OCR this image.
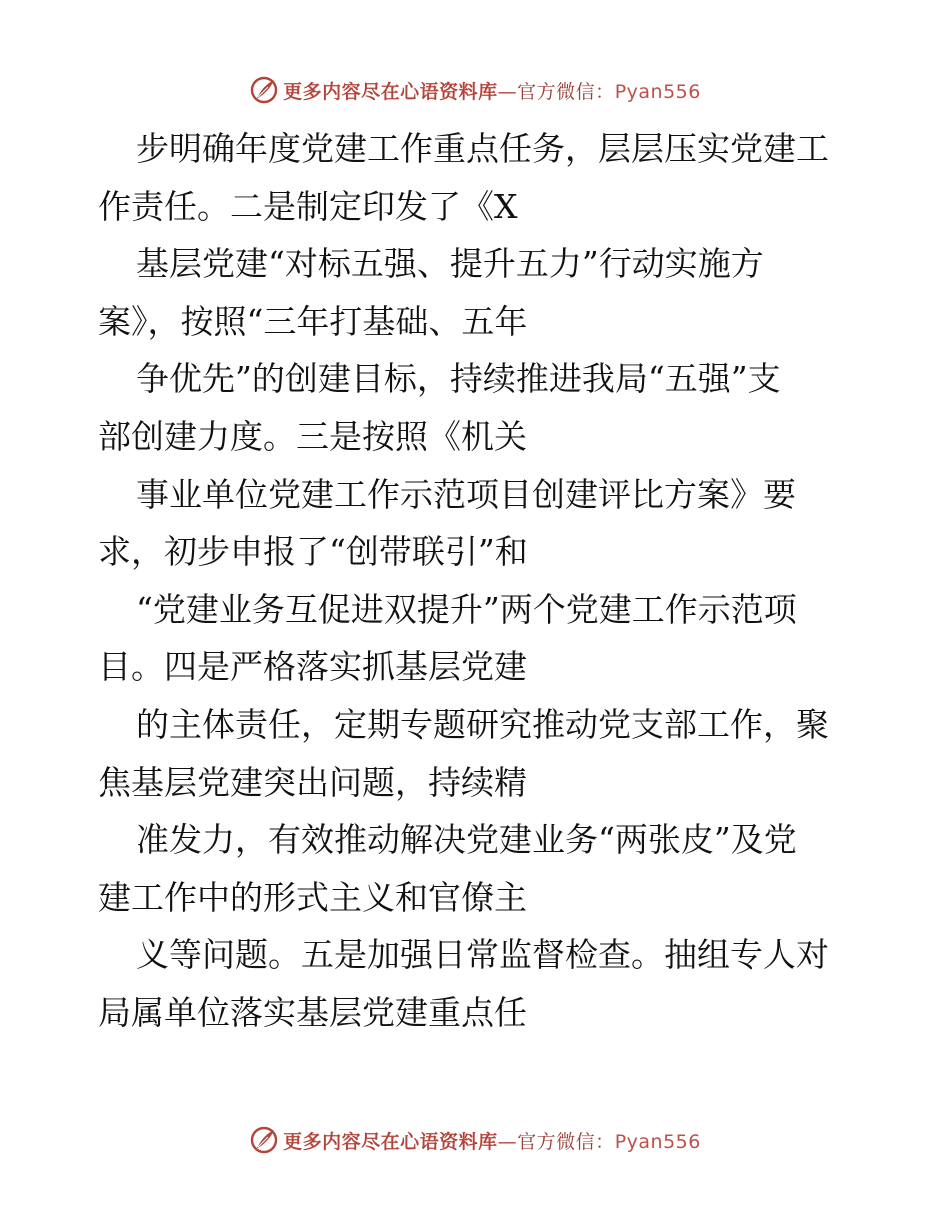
更多内容尽在心语资料库—官方微信：Pyan556
步明确年度党建工作重点任务，层层压实党建工
作责任。二是制定印发了《X
基层党建“对标五强、提升五力”行动实施方
案》，按照“三年打基础、五年
争优先”的创建目标，持续推进我局“五强”支
部创建力度。三是按照《机关
事业单位党建工作示范项目创建评比方案》要
求，初步申报了“创带联引”和
“党建业务互促进双提升”两个党建工作示范项
目。四是严格落实抓基层党建
的主体责任，定期专题研究推动党支部工作，聚
焦基层党建突出问题，持续精
准发力，有效推动解决党建业务“两张皮”及党
建工作中的形式主义和官僚主
义等问题。五是加强日常监督检查。抽组专人对
局属单位落实基层党建重点任
更多内容尽在心语资料库—官方微信：Pyan556
